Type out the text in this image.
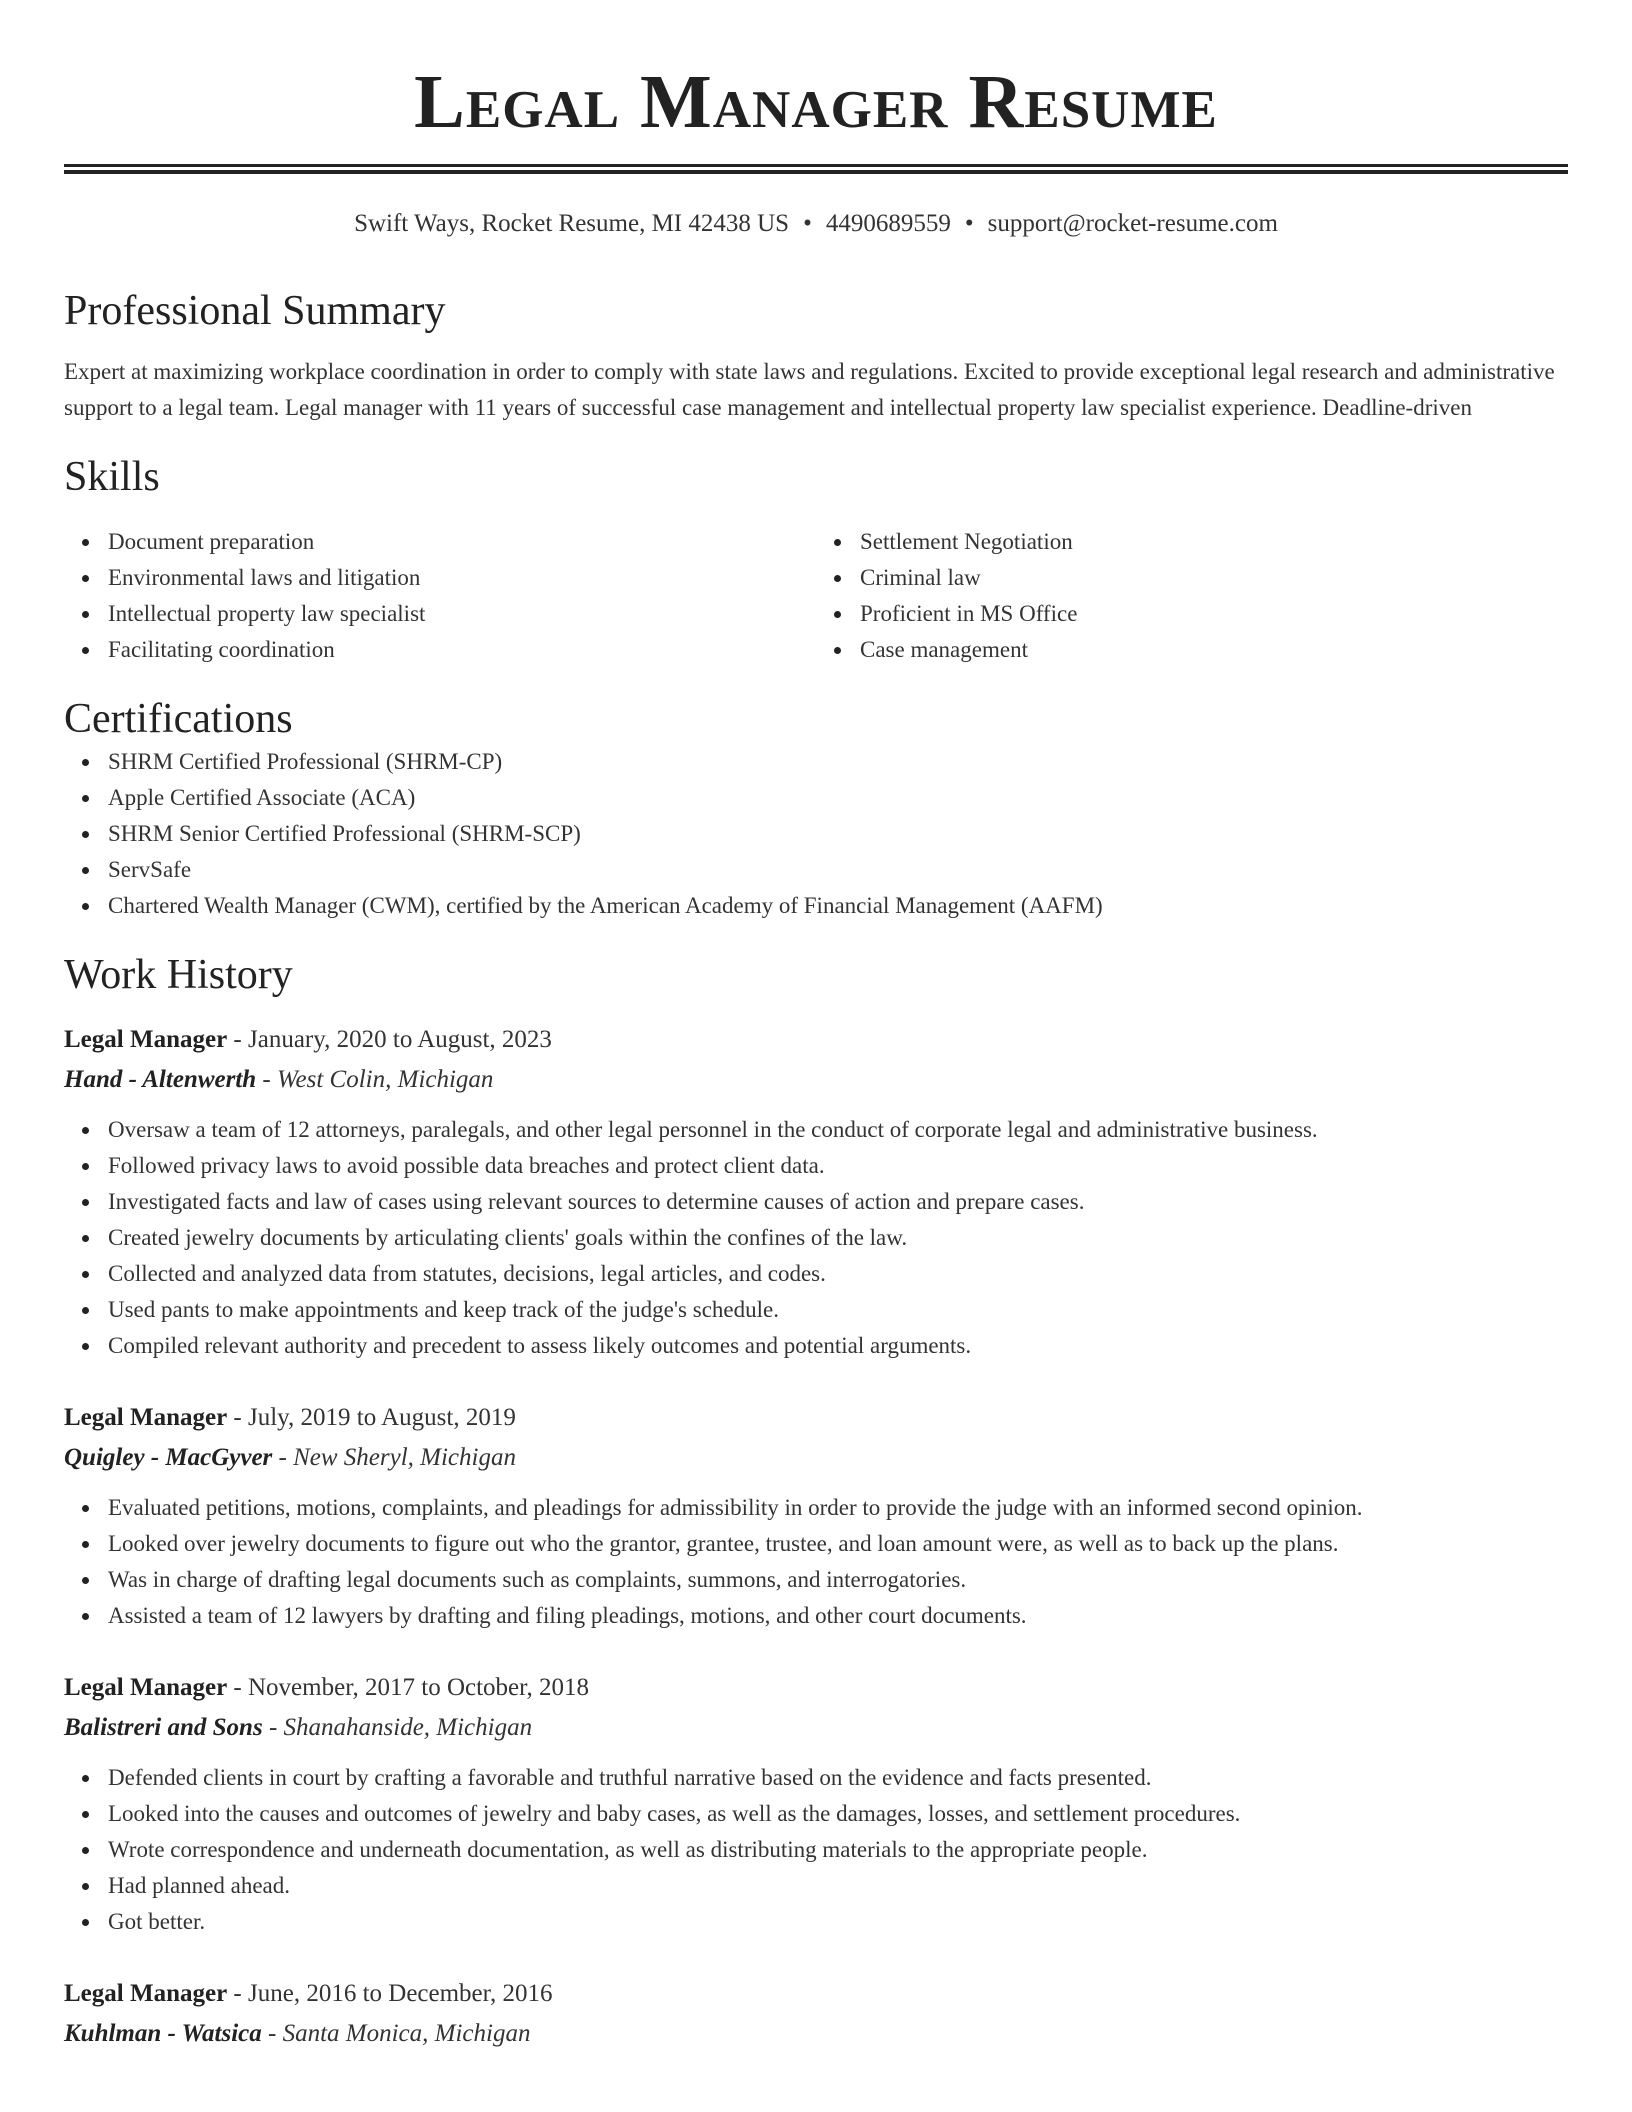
Legal Manager Resume
Swift Ways, Rocket Resume, MI 42438 US • 4490689559 • support@rocket-resume.com
Professional Summary

Expert at maximizing workplace coordination in order to comply with state laws and regulations. Excited to provide exceptional legal research and administrative support to a legal team. Legal manager with 11 years of successful case management and intellectual property law specialist experience. Deadline-driven

Skills
Document preparation
Environmental laws and litigation
Intellectual property law specialist
Facilitating coordination
Settlement Negotiation
Criminal law
Proficient in MS Office
Case management
Certifications
SHRM Certified Professional (SHRM-CP)
Apple Certified Associate (ACA)
SHRM Senior Certified Professional (SHRM-SCP)
ServSafe
Chartered Wealth Manager (CWM), certified by the American Academy of Financial Management (AAFM)
Work History
Legal Manager - January, 2020 to August, 2023
Hand - Altenwerth - West Colin, Michigan
Oversaw a team of 12 attorneys, paralegals, and other legal personnel in the conduct of corporate legal and administrative business.
Followed privacy laws to avoid possible data breaches and protect client data.
Investigated facts and law of cases using relevant sources to determine causes of action and prepare cases.
Created jewelry documents by articulating clients' goals within the confines of the law.
Collected and analyzed data from statutes, decisions, legal articles, and codes.
Used pants to make appointments and keep track of the judge's schedule.
Compiled relevant authority and precedent to assess likely outcomes and potential arguments.
Legal Manager - July, 2019 to August, 2019
Quigley - MacGyver - New Sheryl, Michigan
Evaluated petitions, motions, complaints, and pleadings for admissibility in order to provide the judge with an informed second opinion.
Looked over jewelry documents to figure out who the grantor, grantee, trustee, and loan amount were, as well as to back up the plans.
Was in charge of drafting legal documents such as complaints, summons, and interrogatories.
Assisted a team of 12 lawyers by drafting and filing pleadings, motions, and other court documents.
Legal Manager - November, 2017 to October, 2018
Balistreri and Sons - Shanahanside, Michigan
Defended clients in court by crafting a favorable and truthful narrative based on the evidence and facts presented.
Looked into the causes and outcomes of jewelry and baby cases, as well as the damages, losses, and settlement procedures.
Wrote correspondence and underneath documentation, as well as distributing materials to the appropriate people.
Had planned ahead.
Got better.
Legal Manager - June, 2016 to December, 2016
Kuhlman - Watsica - Santa Monica, Michigan
